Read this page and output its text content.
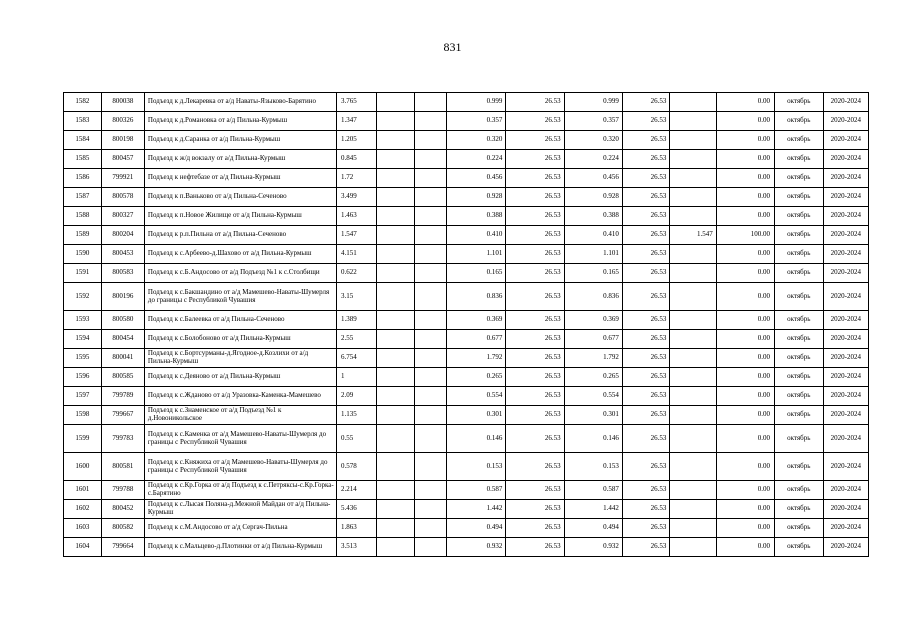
831
1582	800038	Подъезд к д.Лекаревка от а/д Наваты-Языково-Барятино	3.765			0.999	26.53	0.999	26.53		0.00	октябрь	2020-2024
1583	800326	Подъезд к д.Романовка от а/д Пильна-Курмыш	1.347			0.357	26.53	0.357	26.53		0.00	октябрь	2020-2024
1584	800198	Подъезд к д.Саранка от а/д Пильна-Курмыш	1.205			0.320	26.53	0.320	26.53		0.00	октябрь	2020-2024
1585	800457	Подъезд к ж/д вокзалу от а/д Пильна-Курмыш	0.845			0.224	26.53	0.224	26.53		0.00	октябрь	2020-2024
1586	799921	Подъезд к нефтебазе от а/д Пильна-Курмыш	1.72			0.456	26.53	0.456	26.53		0.00	октябрь	2020-2024
1587	800578	Подъезд к п.Ваньково от а/д Пильна-Сеченово	3.499			0.928	26.53	0.928	26.53		0.00	октябрь	2020-2024
1588	800327	Подъезд к п.Новое Жилище от а/д Пильна-Курмыш	1.463			0.388	26.53	0.388	26.53		0.00	октябрь	2020-2024
1589	800204	Подъезд к р.п.Пильна от а/д Пильна-Сеченово	1.547			0.410	26.53	0.410	26.53	1.547	100.00	октябрь	2020-2024
1590	800453	Подъезд к с.Арбеево-д.Шахово от а/д Пильна-Курмыш	4.151			1.101	26.53	1.101	26.53		0.00	октябрь	2020-2024
1591	800583	Подъезд к с.Б.Андосово от а/д Подъезд №1 к с.Столбищи	0.622			0.165	26.53	0.165	26.53		0.00	октябрь	2020-2024
1592	800196	Подъезд к с.Бакшандино от а/д Мамешево-Наваты-Шумерля до границы с Республикой Чувашия	3.15			0.836	26.53	0.836	26.53		0.00	октябрь	2020-2024
1593	800580	Подъезд к с.Балеевка от а/д Пильна-Сеченово	1.389			0.369	26.53	0.369	26.53		0.00	октябрь	2020-2024
1594	800454	Подъезд к с.Болобоново от а/д Пильна-Курмыш	2.55			0.677	26.53	0.677	26.53		0.00	октябрь	2020-2024
1595	800041	Подъезд к с.Бортсурманы-д.Ягодное-д.Козлихи от а/д Пильна-Курмыш	6.754			1.792	26.53	1.792	26.53		0.00	октябрь	2020-2024
1596	800585	Подъезд к с.Деяново от а/д Пильна-Курмыш	1			0.265	26.53	0.265	26.53		0.00	октябрь	2020-2024
1597	799789	Подъезд к с.Жданово от а/д Уразовка-Каменка-Мамешево	2.09			0.554	26.53	0.554	26.53		0.00	октябрь	2020-2024
1598	799667	Подъезд к с.Знаменское от а/д Подъезд №1 к д.Новоникольское	1.135			0.301	26.53	0.301	26.53		0.00	октябрь	2020-2024
1599	799783	Подъезд к с.Каменка от а/д Мамешево-Наваты-Шумерля до границы с Республикой Чувашия	0.55			0.146	26.53	0.146	26.53		0.00	октябрь	2020-2024
1600	800581	Подъезд к с.Княжиха от а/д Мамешево-Наваты-Шумерля до границы с Республикой Чувашия	0.578			0.153	26.53	0.153	26.53		0.00	октябрь	2020-2024
1601	799788	Подъезд к с.Кр.Горка от а/д Подъезд к с.Петряксы-с.Кр.Горка-с.Барятино	2.214			0.587	26.53	0.587	26.53		0.00	октябрь	2020-2024
1602	800452	Подъезд к с.Лысая Поляна-д.Межной Майдан от а/д Пильна-Курмыш	5.436			1.442	26.53	1.442	26.53		0.00	октябрь	2020-2024
1603	800582	Подъезд к с.М.Андосово от а/д Сергач-Пильна	1.863			0.494	26.53	0.494	26.53		0.00	октябрь	2020-2024
1604	799664	Подъезд к с.Мальцево-д.Плотинки от а/д Пильна-Курмыш	3.513			0.932	26.53	0.932	26.53		0.00	октябрь	2020-2024
